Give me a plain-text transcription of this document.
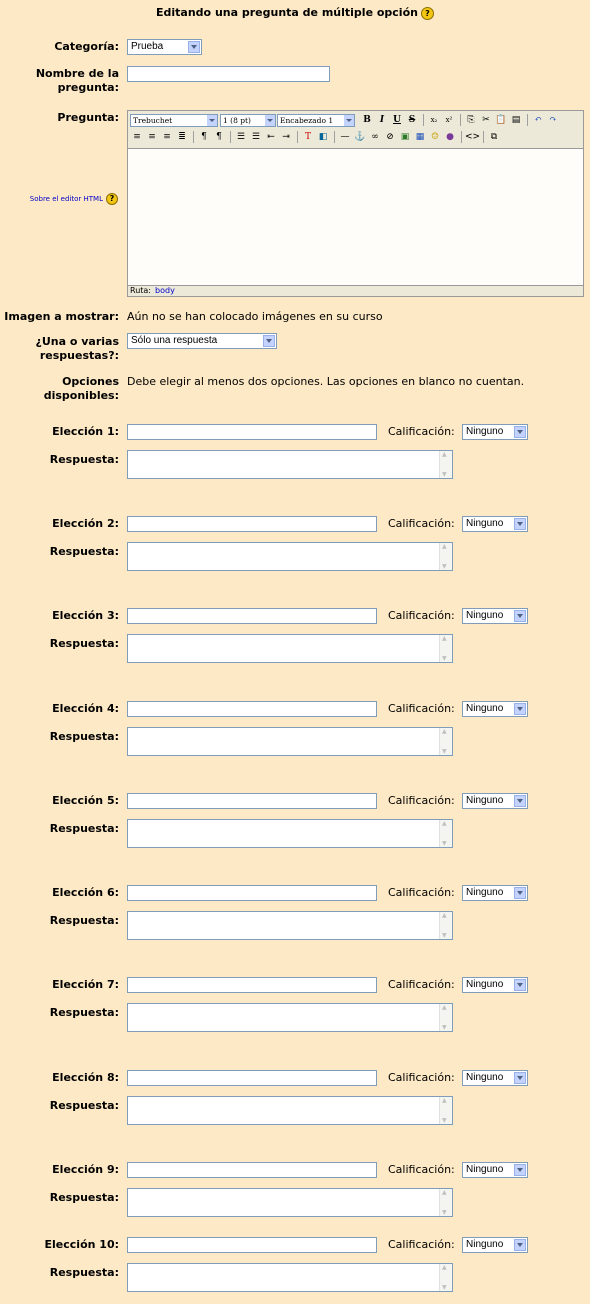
Editando una pregunta de múltiple opción ?
Categoría:	Prueba
Nombre de la
pregunta:
Pregunta:	Trebuchet	1 (8 pt)	Encabezado 1	B	I U S	x₂	x²	⎘ ✂ 📋 ▤	↶ ↷
≡ ≡ ≡ ≣	¶	¶	☰ ☰ ⇤ ⇥	T ◧	— ⚓ ∞ ⊘ ▣ ▦ ☺ ●	<>	⧉
Ruta: body
Sobre el editor HTML ?
Imagen a mostrar: Aún no se han colocado imágenes en su curso
¿Una o varias
respuestas?:
Sólo una respuesta
Opciones
disponibles:
Debe elegir al menos dos opciones. Las opciones en blanco no cuentan.
Elección 1:	Calificación:	Ninguno
Respuesta:
▲ ▼
Elección 2:	Calificación:	Ninguno
Respuesta:
▲ ▼
Elección 3:	Calificación:	Ninguno
Respuesta:
▲ ▼
Elección 4:	Calificación:	Ninguno
Respuesta:
▲ ▼
Elección 5:	Calificación:	Ninguno
Respuesta:
▲ ▼
Elección 6:	Calificación:	Ninguno
Respuesta:
▲ ▼
Elección 7:	Calificación:	Ninguno
Respuesta:
▲ ▼
Elección 8:	Calificación:	Ninguno
Respuesta:
▲ ▼
Elección 9:	Calificación:	Ninguno
Respuesta:
▲ ▼
Elección 10:	Calificación:	Ninguno
Respuesta:
▲ ▼
